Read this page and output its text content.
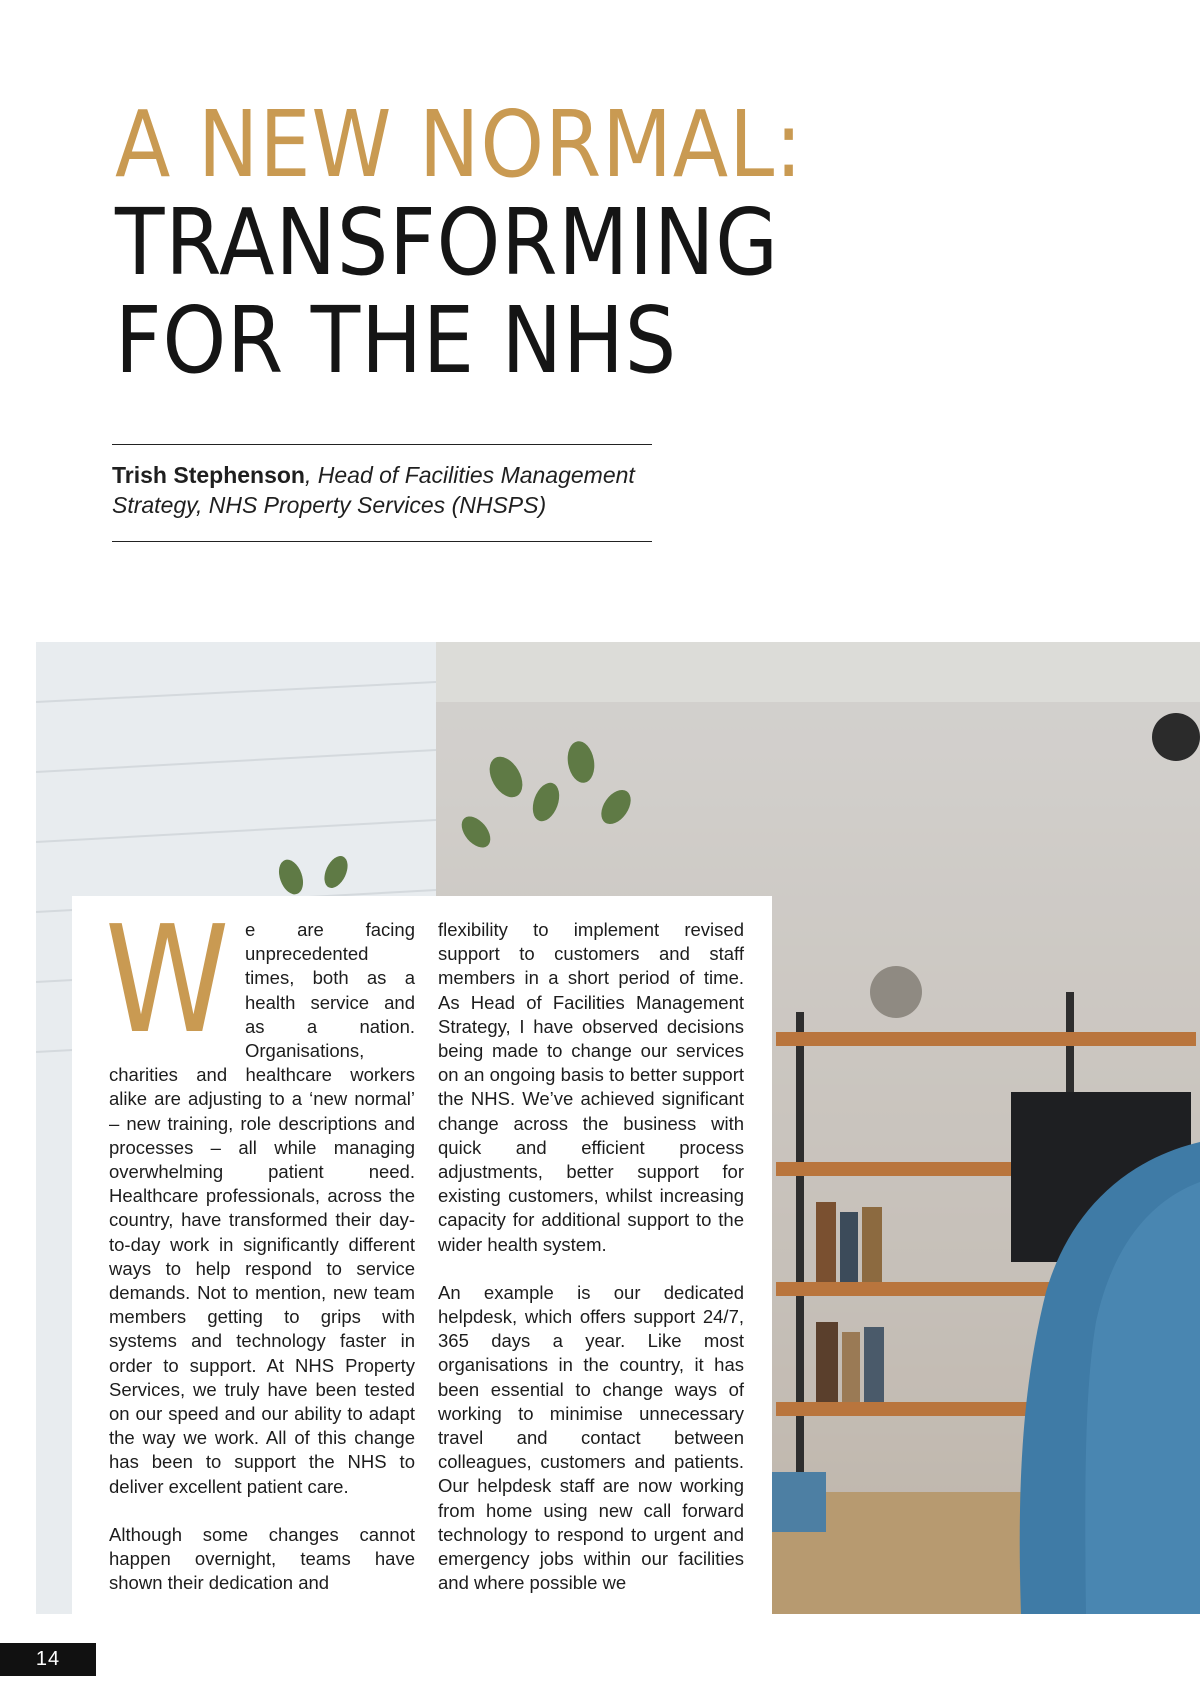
A NEW NORMAL:
TRANSFORMING
FOR THE NHS
Trish Stephenson, Head of Facilities Management Strategy, NHS Property Services (NHSPS)

We are facing unprecedented times, both as a health service and as a nation. Organisations, charities and healthcare workers alike are adjusting to a ‘new normal’ – new training, role descriptions and processes – all while managing overwhelming patient need. Healthcare professionals, across the country, have transformed their day-to-day work in significantly different ways to help respond to service demands. Not to mention, new team members getting to grips with systems and technology faster in order to support. At NHS Property Services, we truly have been tested on our speed and our ability to adapt the way we work. All of this change has been to support the NHS to deliver excellent patient care.

Although some changes cannot happen overnight, teams have shown their dedication and

flexibility to implement revised support to customers and staff members in a short period of time. As Head of Facilities Management Strategy, I have observed decisions being made to change our services on an ongoing basis to better support the NHS. We’ve achieved significant change across the business with quick and efficient process adjustments, better support for existing customers, whilst increasing capacity for additional support to the wider health system.

An example is our dedicated helpdesk, which offers support 24/7, 365 days a year. Like most organisations in the country, it has been essential to change ways of working to minimise unnecessary travel and contact between colleagues, customers and patients. Our helpdesk staff are now working from home using new call forward technology to respond to urgent and emergency jobs within our facilities and where possible we

14
